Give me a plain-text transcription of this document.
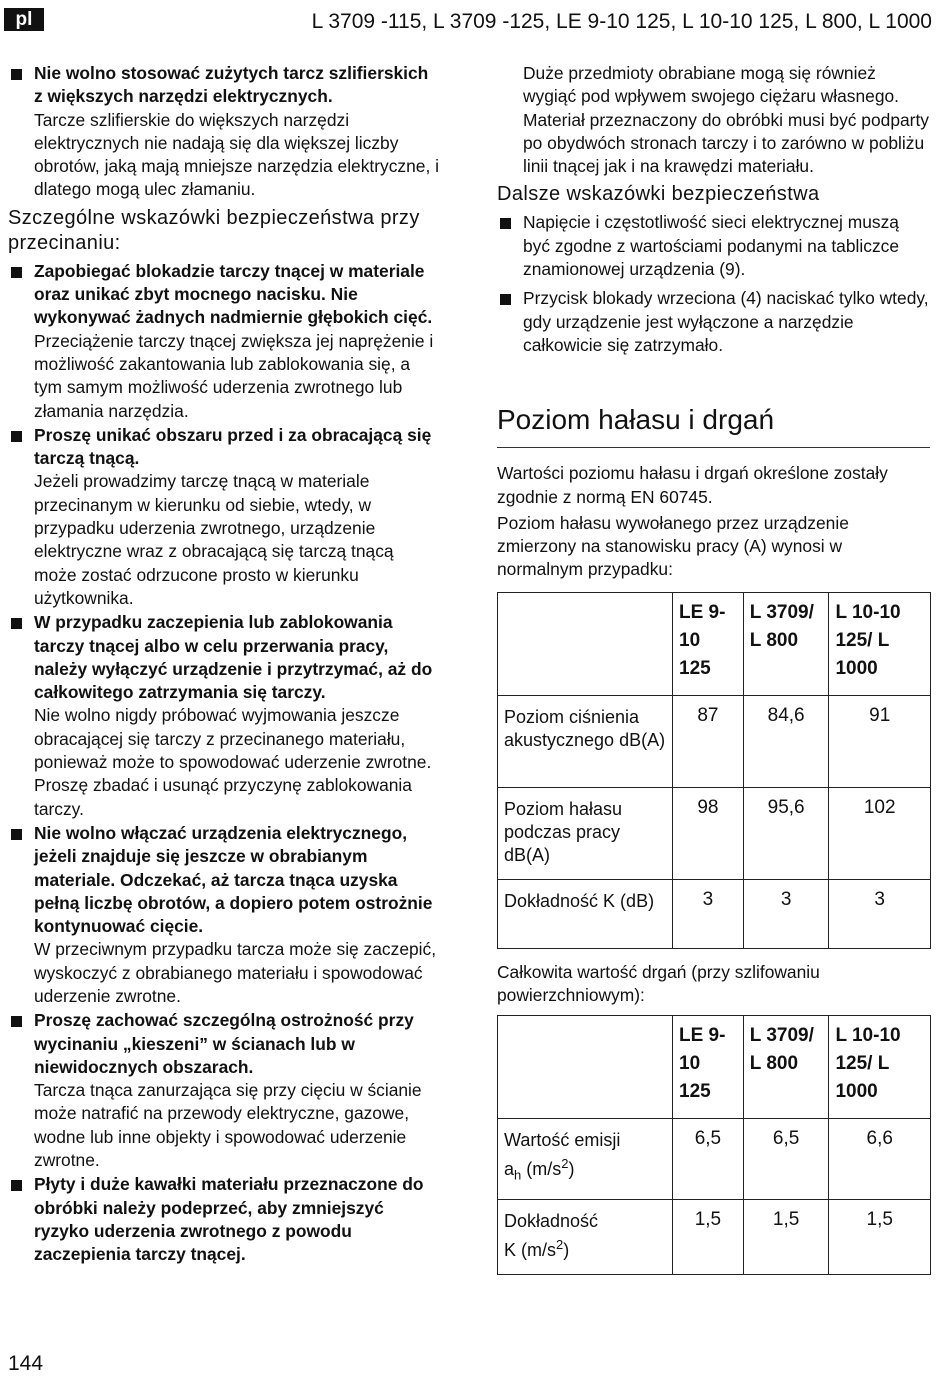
pl	L 3709 -115, L 3709 -125, LE 9-10 125, L 10-10 125, L 800, L 1000
Nie wolno stosować zużytych tarcz szlifierskich z większych narzędzi elektrycznych.
Tarcze szlifierskie do większych narzędzi elektrycznych nie nadają się dla większej liczby obrotów, jaką mają mniejsze narzędzia elektryczne, i dlatego mogą ulec złamaniu.
Szczególne wskazówki bezpieczeństwa przy przecinaniu:
Zapobiegać blokadzie tarczy tnącej w materiale oraz unikać zbyt mocnego nacisku. Nie wykonywać żadnych nadmiernie głębokich cięć.
Przeciążenie tarczy tnącej zwiększa jej naprężenie i możliwość zakantowania lub zablokowania się, a tym samym możliwość uderzenia zwrotnego lub złamania narzędzia.
Proszę unikać obszaru przed i za obracającą się tarczą tnącą.
Jeżeli prowadzimy tarczę tnącą w materiale przecinanym w kierunku od siebie, wtedy, w przypadku uderzenia zwrotnego, urządzenie elektryczne wraz z obracającą się tarczą tnącą może zostać odrzucone prosto w kierunku użytkownika.
W przypadku zaczepienia lub zablokowania tarczy tnącej albo w celu przerwania pracy, należy wyłączyć urządzenie i przytrzymać, aż do całkowitego zatrzymania się tarczy.
Nie wolno nigdy próbować wyjmowania jeszcze obracającej się tarczy z przecinanego materiału, ponieważ może to spowodować uderzenie zwrotne. Proszę zbadać i usunąć przyczynę zablokowania tarczy.
Nie wolno włączać urządzenia elektrycznego, jeżeli znajduje się jeszcze w obrabianym materiale. Odczekać, aż tarcza tnąca uzyska pełną liczbę obrotów, a dopiero potem ostrożnie kontynuować cięcie.
W przeciwnym przypadku tarcza może się zaczepić, wyskoczyć z obrabianego materiału i spowodować uderzenie zwrotne.
Proszę zachować szczególną ostrożność przy wycinaniu „kieszeni” w ścianach lub w niewidocznych obszarach.
Tarcza tnąca zanurzająca się przy cięciu w ścianie może natrafić na przewody elektryczne, gazowe, wodne lub inne objekty i spowodować uderzenie zwrotne.
Płyty i duże kawałki materiału przeznaczone do obróbki należy podeprzeć, aby zmniejszyć ryzyko uderzenia zwrotnego z powodu zaczepienia tarczy tnącej.
Duże przedmioty obrabiane mogą się również wygiąć pod wpływem swojego ciężaru własnego. Materiał przeznaczony do obróbki musi być podparty po obydwóch stronach tarczy i to zarówno w pobliżu linii tnącej jak i na krawędzi materiału.
Dalsze wskazówki bezpieczeństwa
Napięcie i częstotliwość sieci elektrycznej muszą być zgodne z wartościami podanymi na tabliczce znamionowej urządzenia (9).
Przycisk blokady wrzeciona (4) naciskać tylko wtedy, gdy urządzenie jest wyłączone a narzędzie całkowicie się zatrzymało.
Poziom hałasu i drgań
Wartości poziomu hałasu i drgań określone zostały zgodnie z normą EN 60745.
Poziom hałasu wywołanego przez urządzenie zmierzony na stanowisku pracy (A) wynosi w normalnym przypadku:
	LE 9-10 125	L 3709/ L 800	L 10-10 125/ L 1000
Poziom ciśnienia akustycznego dB(A)	87	84,6	91
Poziom hałasu podczas pracy dB(A)	98	95,6	102
Dokładność K (dB)	3	3	3
Całkowita wartość drgań (przy szlifowaniu powierzchniowym):
	LE 9-10 125	L 3709/ L 800	L 10-10 125/ L 1000
Wartość emisji
$a_h$ $(m/s^2)$	6,5	6,5	6,6
Dokładność
K $(m/s^2)$	1,5	1,5	1,5
144
